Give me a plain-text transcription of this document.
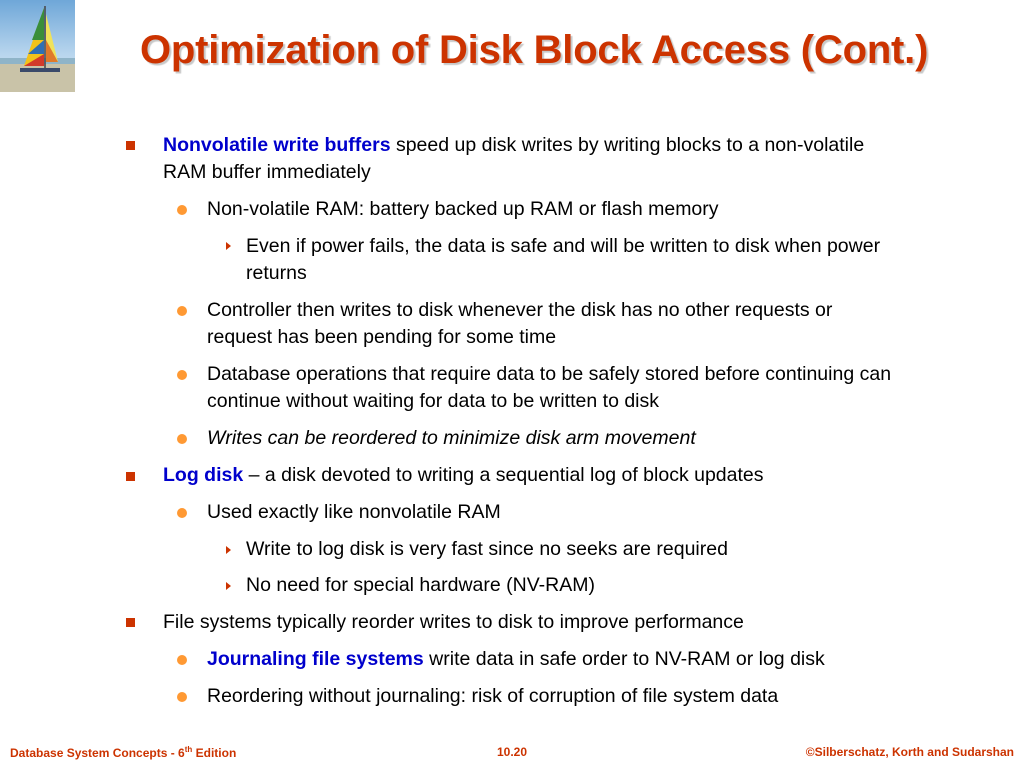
Optimization of Disk Block Access (Cont.)
Nonvolatile write buffers speed up disk writes by writing blocks to a non-volatile
RAM buffer immediately
Non-volatile RAM: battery backed up RAM or flash memory
Even if power fails, the data is safe and will be written to disk when power
returns
Controller then writes to disk whenever the disk has no other requests or
request has been pending for some time
Database operations that require data to be safely stored before continuing can
continue without waiting for data to be written to disk
Writes can be reordered to minimize disk arm movement
Log disk – a disk devoted to writing a sequential log of block updates
Used exactly like nonvolatile RAM
Write to log disk is very fast since no seeks are required
No need for special hardware (NV-RAM)
File systems typically reorder writes to disk to improve performance
Journaling file systems write data in safe order to NV-RAM or log disk
Reordering without journaling: risk of corruption of file system data
Database System Concepts - 6th Edition	10.20	©Silberschatz, Korth and Sudarshan
